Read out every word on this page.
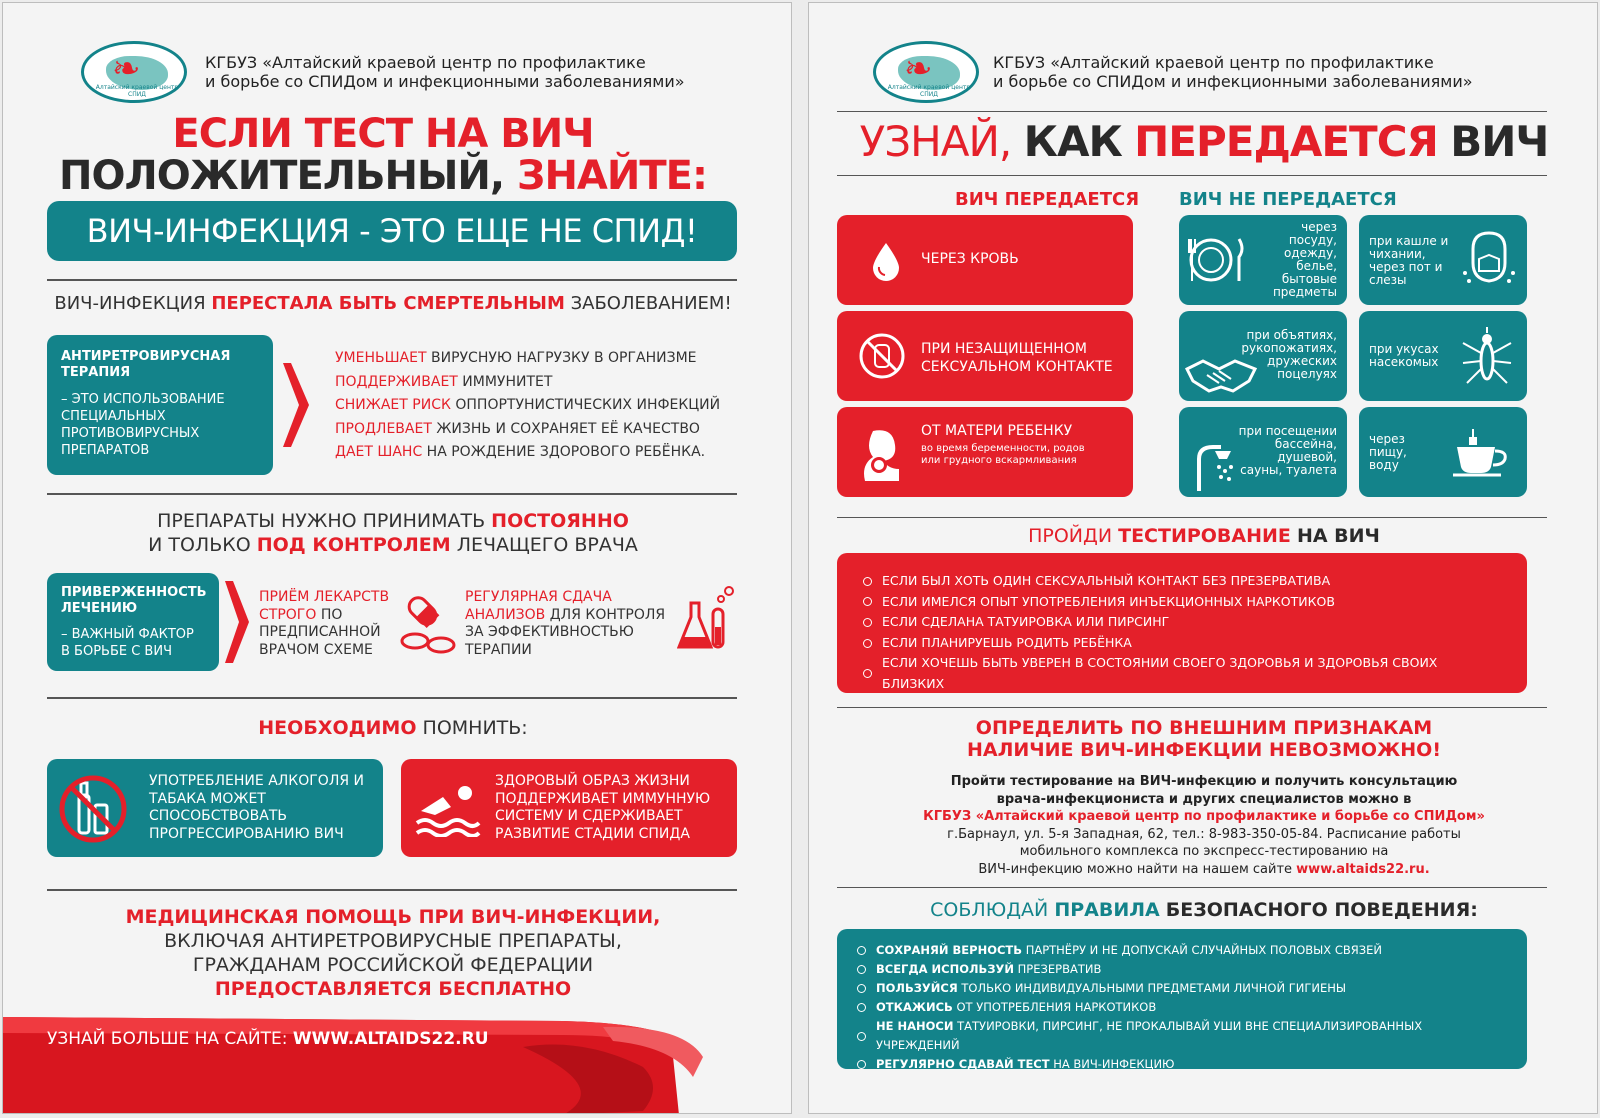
❧
Алтайский краевой центр СПИД
КГБУЗ «Алтайский краевой центр по профилактике
и борьбе со СПИДом и инфекционными заболеваниями»
ЕСЛИ ТЕСТ НА ВИЧ
ПОЛОЖИТЕЛЬНЫЙ, ЗНАЙТЕ:
ВИЧ-ИНФЕКЦИЯ - ЭТО ЕЩЕ НЕ СПИД!
ВИЧ-ИНФЕКЦИЯ ПЕРЕСТАЛА БЫТЬ СМЕРТЕЛЬНЫМ ЗАБОЛЕВАНИЕМ!
АНТИРЕТРОВИРУСНАЯ ТЕРАПИЯ
– ЭТО ИСПОЛЬЗОВАНИЕ СПЕЦИАЛЬНЫХ ПРОТИВОВИРУСНЫХ ПРЕПАРАТОВ
УМЕНЬШАЕТ ВИРУСНУЮ НАГРУЗКУ В ОРГАНИЗМЕ
ПОДДЕРЖИВАЕТ ИММУНИТЕТ
СНИЖАЕТ РИСК ОППОРТУНИСТИЧЕСКИХ ИНФЕКЦИЙ
ПРОДЛЕВАЕТ ЖИЗНЬ И СОХРАНЯЕТ ЕЁ КАЧЕСТВО
ДАЕТ ШАНС НА РОЖДЕНИЕ ЗДОРОВОГО РЕБЁНКА.
ПРЕПАРАТЫ НУЖНО ПРИНИМАТЬ ПОСТОЯННО
И ТОЛЬКО ПОД КОНТРОЛЕМ ЛЕЧАЩЕГО ВРАЧА
ПРИВЕРЖЕННОСТЬ ЛЕЧЕНИЮ
– ВАЖНЫЙ ФАКТОР В БОРЬБЕ С ВИЧ
ПРИЁМ ЛЕКАРСТВ СТРОГО ПО ПРЕДПИСАННОЙ ВРАЧОМ СХЕМЕ
РЕГУЛЯРНАЯ СДАЧА АНАЛИЗОВ ДЛЯ КОНТРОЛЯ ЗА ЭФФЕКТИВНОСТЬЮ ТЕРАПИИ
НЕОБХОДИМО ПОМНИТЬ:
УПОТРЕБЛЕНИЕ АЛКОГОЛЯ И ТАБАКА МОЖЕТ СПОСОБСТВОВАТЬ ПРОГРЕССИРОВАНИЮ ВИЧ
ЗДОРОВЫЙ ОБРАЗ ЖИЗНИ ПОДДЕРЖИВАЕТ ИММУННУЮ СИСТЕМУ И СДЕРЖИВАЕТ РАЗВИТИЕ СТАДИИ СПИДА
МЕДИЦИНСКАЯ ПОМОЩЬ ПРИ ВИЧ-ИНФЕКЦИИ,
ВКЛЮЧАЯ АНТИРЕТРОВИРУСНЫЕ ПРЕПАРАТЫ,
ГРАЖДАНАМ РОССИЙСКОЙ ФЕДЕРАЦИИ
ПРЕДОСТАВЛЯЕТСЯ БЕСПЛАТНО
УЗНАЙ БОЛЬШЕ НА САЙТЕ: WWW.ALTAIDS22.RU
❧
Алтайский краевой центр СПИД
КГБУЗ «Алтайский краевой центр по профилактике
и борьбе со СПИДом и инфекционными заболеваниями»
УЗНАЙ, КАК ПЕРЕДАЕТСЯ ВИЧ
ВИЧ ПЕРЕДАЕТСЯ ВИЧ НЕ ПЕРЕДАЕТСЯ
ЧЕРЕЗ КРОВЬ
ПРИ НЕЗАЩИЩЕННОМ СЕКСУАЛЬНОМ КОНТАКТЕ
ОТ МАТЕРИ РЕБЕНКУ
во время беременности, родов или грудного вскармливания
через посуду, одежду, белье, бытовые предметы
при кашле и чихании, через пот и слезы
при объятиях, рукопожатиях, дружеских поцелуях
при укусах насекомых
при посещении бассейна, душевой, сауны, туалета
через пищу, воду
ПРОЙДИ ТЕСТИРОВАНИЕ НА ВИЧ
ЕСЛИ БЫЛ ХОТЬ ОДИН СЕКСУАЛЬНЫЙ КОНТАКТ БЕЗ ПРЕЗЕРВАТИВА
ЕСЛИ ИМЕЛСЯ ОПЫТ УПОТРЕБЛЕНИЯ ИНЪЕКЦИОННЫХ НАРКОТИКОВ
ЕСЛИ СДЕЛАНА ТАТУИРОВКА ИЛИ ПИРСИНГ
ЕСЛИ ПЛАНИРУЕШЬ РОДИТЬ РЕБЁНКА
ЕСЛИ ХОЧЕШЬ БЫТЬ УВЕРЕН В СОСТОЯНИИ СВОЕГО ЗДОРОВЬЯ И ЗДОРОВЬЯ СВОИХ БЛИЗКИХ
ОПРЕДЕЛИТЬ ПО ВНЕШНИМ ПРИЗНАКАМ
НАЛИЧИЕ ВИЧ-ИНФЕКЦИИ НЕВОЗМОЖНО!
Пройти тестирование на ВИЧ-инфекцию и получить консультацию
врача-инфекциониста и других специалистов можно в
КГБУЗ «Алтайский краевой центр по профилактике и борьбе со СПИДом»
г.Барнаул, ул. 5-я Западная, 62, тел.: 8-983-350-05-84. Расписание работы
мобильного комплекса по экспресс-тестированию на
ВИЧ-инфекцию можно найти на нашем сайте www.altaids22.ru.
СОБЛЮДАЙ ПРАВИЛА БЕЗОПАСНОГО ПОВЕДЕНИЯ:
СОХРАНЯЙ ВЕРНОСТЬ ПАРТНЁРУ И НЕ ДОПУСКАЙ СЛУЧАЙНЫХ ПОЛОВЫХ СВЯЗЕЙ
ВСЕГДА ИСПОЛЬЗУЙ ПРЕЗЕРВАТИВ
ПОЛЬЗУЙСЯ ТОЛЬКО ИНДИВИДУАЛЬНЫМИ ПРЕДМЕТАМИ ЛИЧНОЙ ГИГИЕНЫ
ОТКАЖИСЬ ОТ УПОТРЕБЛЕНИЯ НАРКОТИКОВ
НЕ НАНОСИ ТАТУИРОВКИ, ПИРСИНГ, НЕ ПРОКАЛЫВАЙ УШИ ВНЕ СПЕЦИАЛИЗИРОВАННЫХ УЧРЕЖДЕНИЙ
РЕГУЛЯРНО СДАВАЙ ТЕСТ НА ВИЧ-ИНФЕКЦИЮ
